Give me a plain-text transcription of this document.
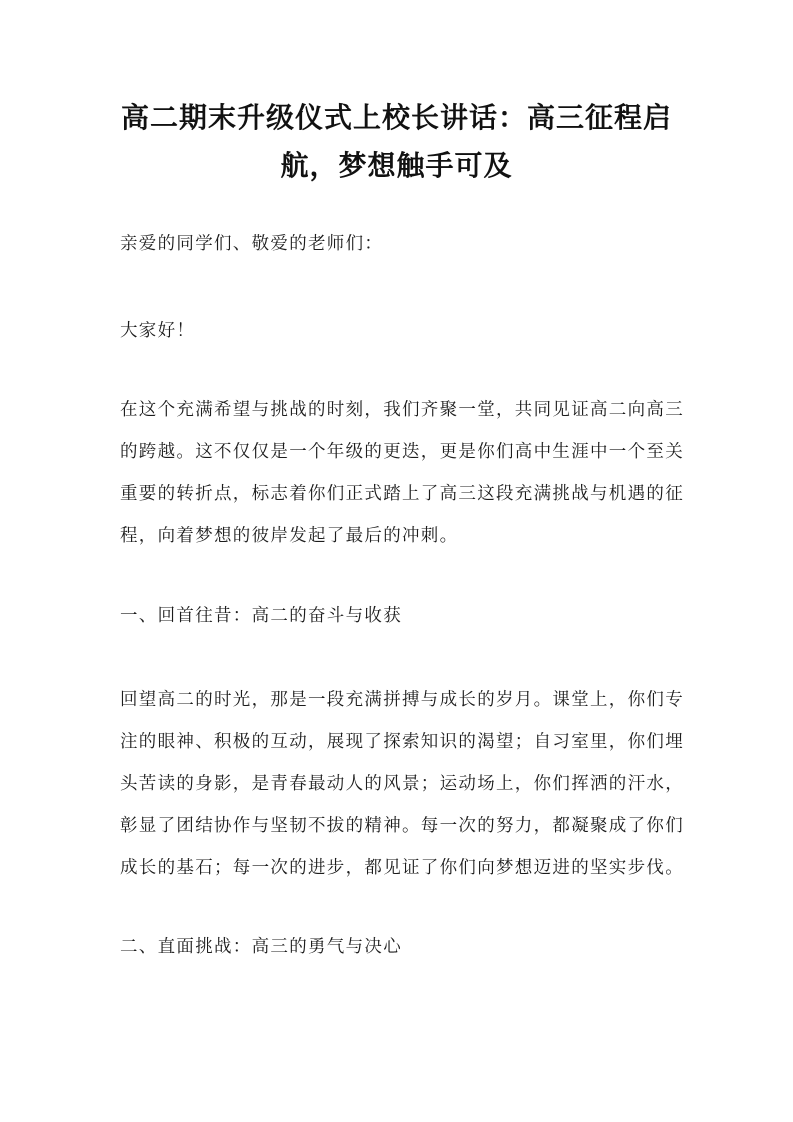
高二期末升级仪式上校长讲话：高三征程启
航，梦想触手可及

亲爱的同学们、敬爱的老师们：

大家好！

在这个充满希望与挑战的时刻，我们齐聚一堂，共同见证高二向高三
的跨越。这不仅仅是一个年级的更迭，更是你们高中生涯中一个至关
重要的转折点，标志着你们正式踏上了高三这段充满挑战与机遇的征
程，向着梦想的彼岸发起了最后的冲刺。

一、回首往昔：高二的奋斗与收获

回望高二的时光，那是一段充满拼搏与成长的岁月。课堂上，你们专
注的眼神、积极的互动，展现了探索知识的渴望；自习室里，你们埋
头苦读的身影，是青春最动人的风景；运动场上，你们挥洒的汗水，
彰显了团结协作与坚韧不拔的精神。每一次的努力，都凝聚成了你们
成长的基石；每一次的进步，都见证了你们向梦想迈进的坚实步伐。

二、直面挑战：高三的勇气与决心
